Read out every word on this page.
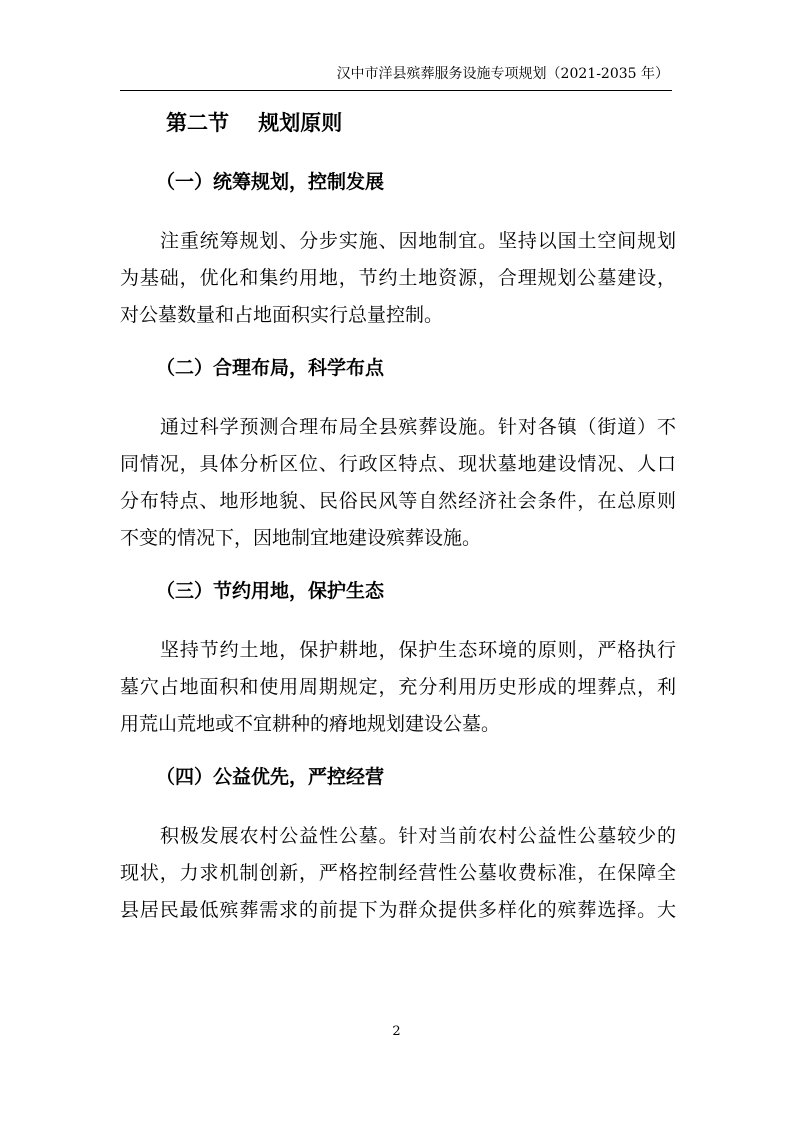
汉中市洋县殡葬服务设施专项规划（2021-2035 年）
第二节    规划原则
（一）统筹规划，控制发展

注重统筹规划、分步实施、因地制宜。坚持以国土空间规划

为基础，优化和集约用地，节约土地资源，合理规划公墓建设，

对公墓数量和占地面积实行总量控制。

（二）合理布局，科学布点

通过科学预测合理布局全县殡葬设施。针对各镇（街道）不

同情况，具体分析区位、行政区特点、现状墓地建设情况、人口

分布特点、地形地貌、民俗民风等自然经济社会条件，在总原则

不变的情况下，因地制宜地建设殡葬设施。

（三）节约用地，保护生态

坚持节约土地，保护耕地，保护生态环境的原则，严格执行

墓穴占地面积和使用周期规定，充分利用历史形成的埋葬点，利

用荒山荒地或不宜耕种的瘠地规划建设公墓。

（四）公益优先，严控经营

积极发展农村公益性公墓。针对当前农村公益性公墓较少的

现状，力求机制创新，严格控制经营性公墓收费标准，在保障全

县居民最低殡葬需求的前提下为群众提供多样化的殡葬选择。大

2
